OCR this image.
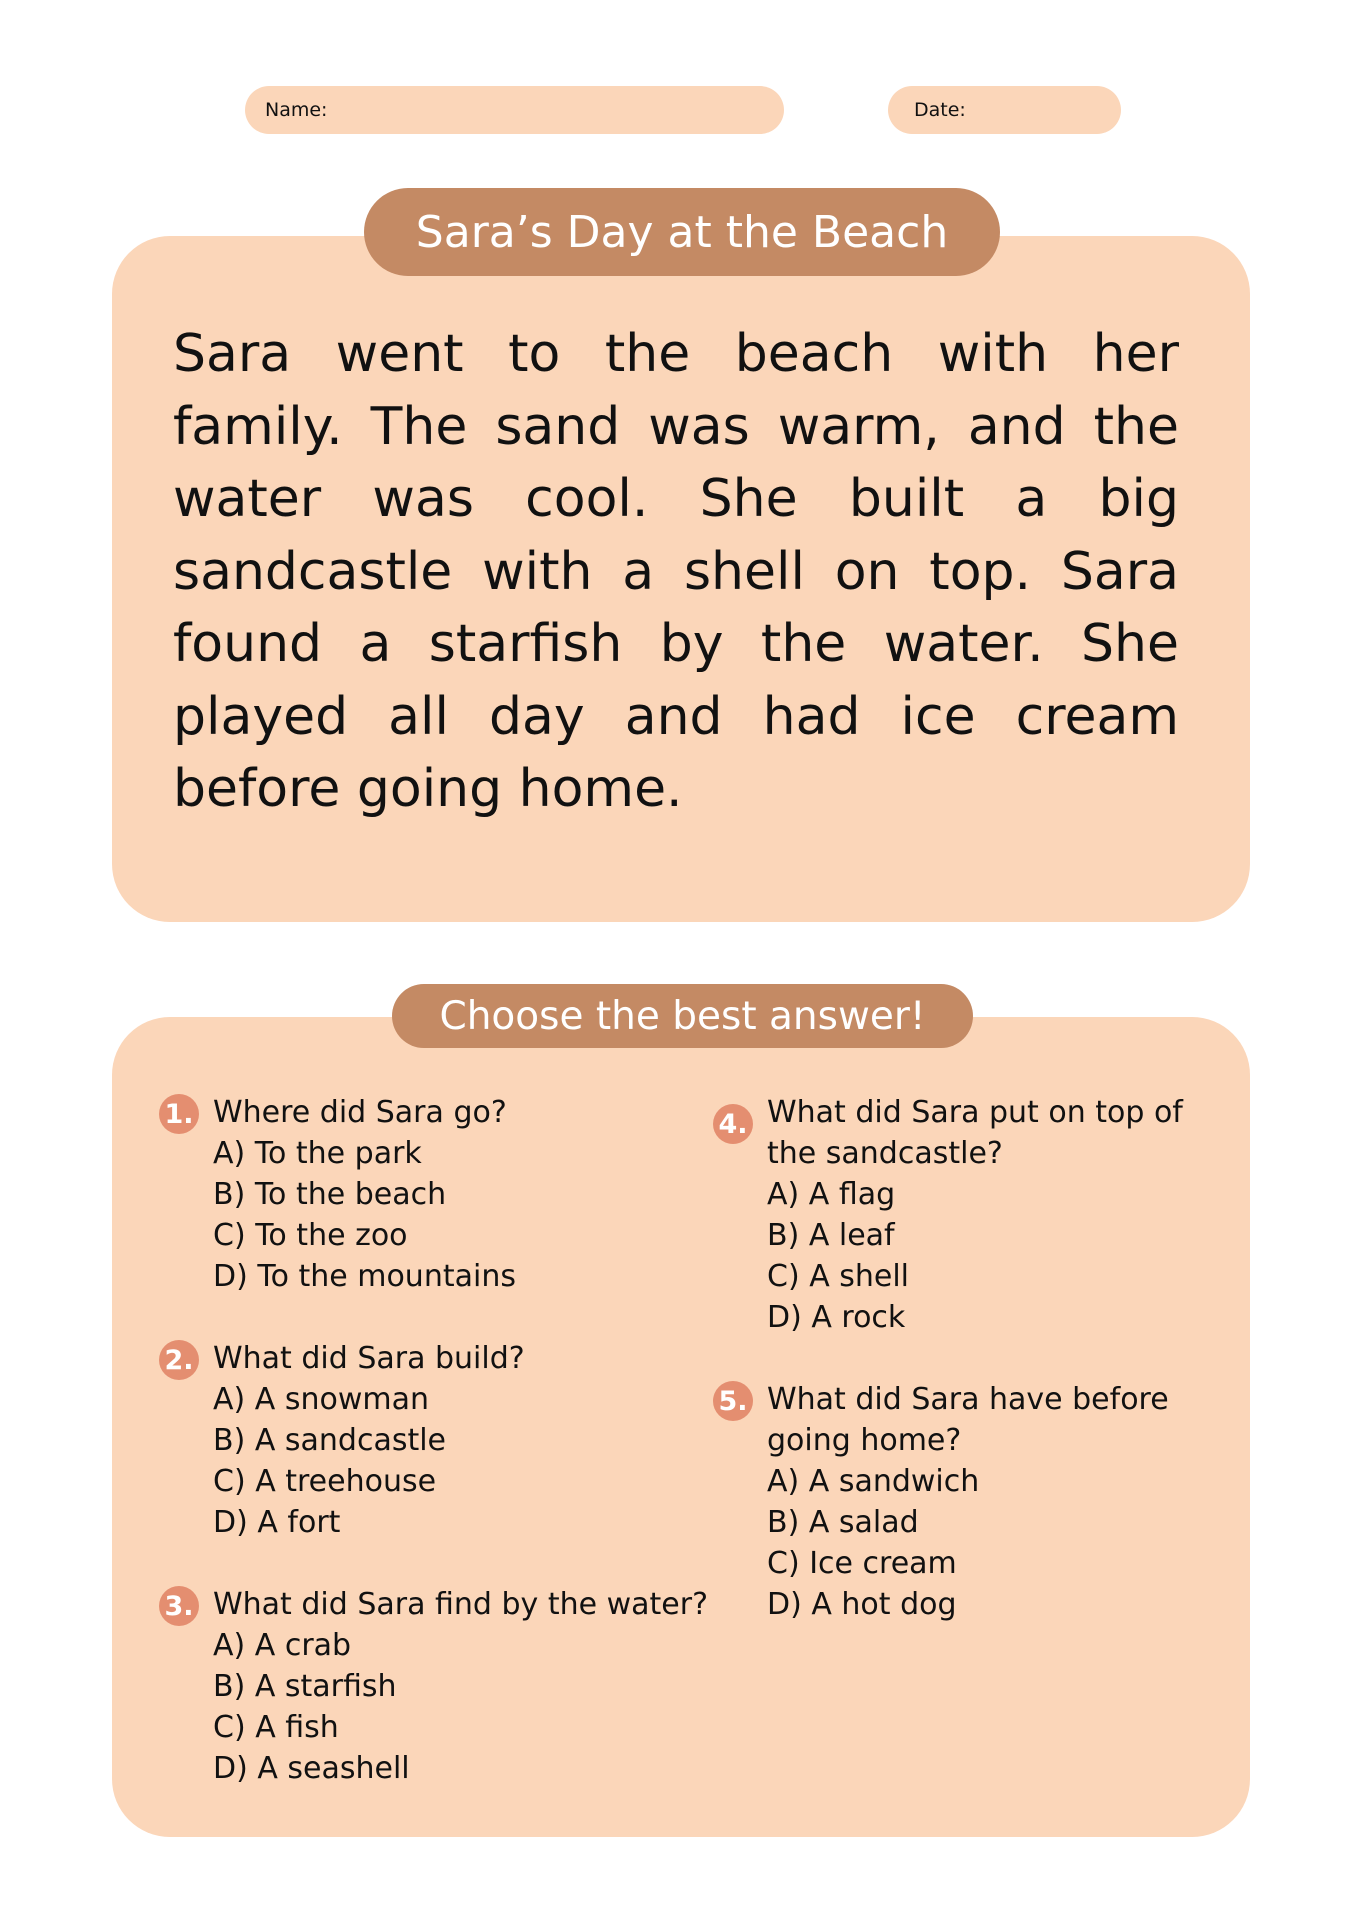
Name:	Date:
Sara’s Day at the Beach

Sara went to the beach with her family. The sand was warm, and the water was cool. She built a big sandcastle with a shell on top. Sara found a starfish by the water. She played all day and had ice cream before going home.

Choose the best answer!
1. Where did Sara go?

A) To the park
B) To the beach
C) To the zoo
D) To the mountains
2. What did Sara build?

A) A snowman
B) A sandcastle
C) A treehouse
D) A fort
3. What did Sara find by the water?

A) A crab
B) A starfish
C) A fish
D) A seashell
4. What did Sara put on top of the sandcastle?

A) A flag
B) A leaf
C) A shell
D) A rock
5. What did Sara have before going home?

A) A sandwich
B) A salad
C) Ice cream
D) A hot dog
